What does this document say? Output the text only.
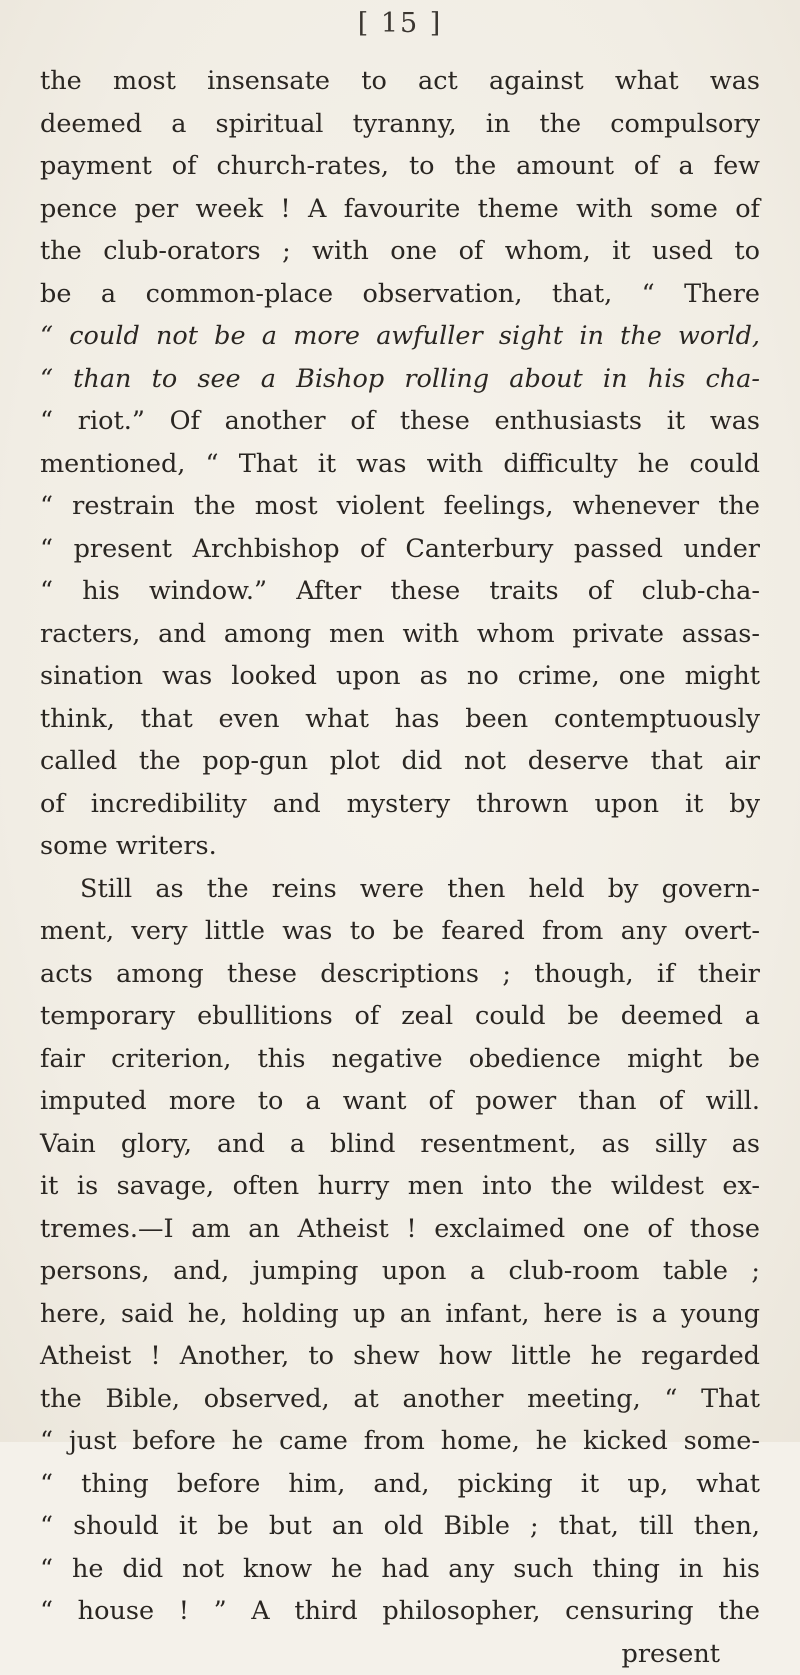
[ 15 ]
the most insensate to act against what was
deemed a spiritual tyranny, in the compulsory
payment of church-rates, to the amount of a few
pence per week ! A favourite theme with some of
the club-orators ; with one of whom, it used to
be a common-place observation, that, “ There
“ could not be a more awfuller sight in the world,
“ than to see a Bishop rolling about in his cha-
“ riot.” Of another of these enthusiasts it was
mentioned, “ That it was with difficulty he could
“ restrain the most violent feelings, whenever the
“ present Archbishop of Canterbury passed under
“ his window.” After these traits of club-cha-
racters, and among men with whom private assas-
sination was looked upon as no crime, one might
think, that even what has been contemptuously
called the pop-gun plot did not deserve that air
of incredibility and mystery thrown upon it by
some writers.
Still as the reins were then held by govern-
ment, very little was to be feared from any overt-
acts among these descriptions ; though, if their
temporary ebullitions of zeal could be deemed a
fair criterion, this negative obedience might be
imputed more to a want of power than of will.
Vain glory, and a blind resentment, as silly as
it is savage, often hurry men into the wildest ex-
tremes.—I am an Atheist ! exclaimed one of those
persons, and, jumping upon a club-room table ;
here, said he, holding up an infant, here is a young
Atheist ! Another, to shew how little he regarded
the Bible, observed, at another meeting, “ That
“ just before he came from home, he kicked some-
“ thing before him, and, picking it up, what
“ should it be but an old Bible ; that, till then,
“ he did not know he had any such thing in his
“ house ! ” A third philosopher, censuring the
present
